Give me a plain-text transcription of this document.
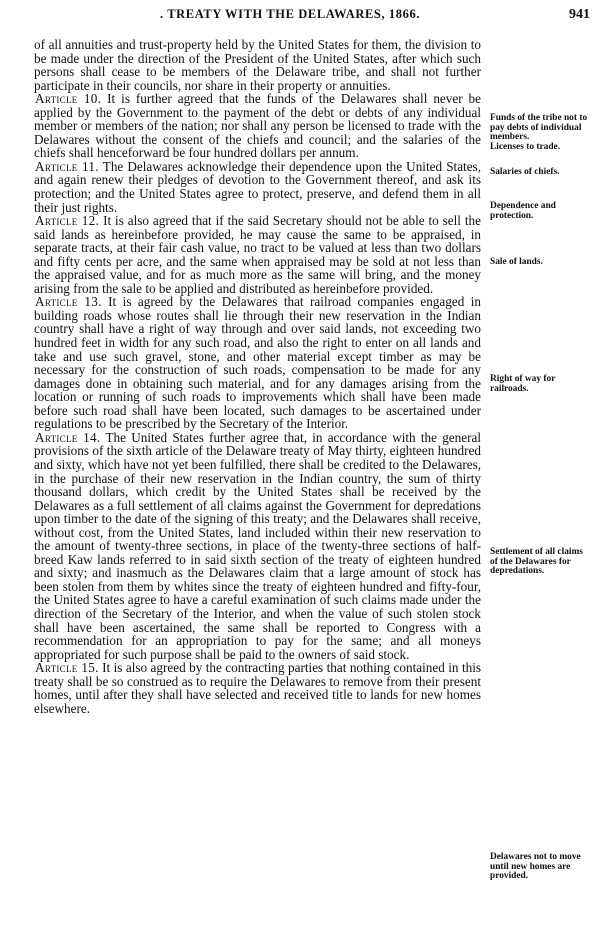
. TREATY WITH THE DELAWARES, 1866.	941

of all annuities and trust-property held by the United States for them, the division to be made under the direction of the President of the United States, after which such persons shall cease to be members of the Delaware tribe, and shall not further participate in their councils, nor share in their property or annuities.

Article 10. It is further agreed that the funds of the Delawares shall never be applied by the Government to the payment of the debt or debts of any individual member or members of the nation; nor shall any person be licensed to trade with the Delawares without the consent of the chiefs and council; and the salaries of the chiefs shall henceforward be four hundred dollars per annum.

Article 11. The Delawares acknowledge their dependence upon the United States, and again renew their pledges of devotion to the Government thereof, and ask its protection; and the United States agree to protect, preserve, and defend them in all their just rights.

Article 12. It is also agreed that if the said Secretary should not be able to sell the said lands as hereinbefore provided, he may cause the same to be appraised, in separate tracts, at their fair cash value, no tract to be valued at less than two dollars and fifty cents per acre, and the same when appraised may be sold at not less than the appraised value, and for as much more as the same will bring, and the money arising from the sale to be applied and distributed as hereinbefore provided.

Article 13. It is agreed by the Delawares that railroad companies engaged in building roads whose routes shall lie through their new reservation in the Indian country shall have a right of way through and over said lands, not exceeding two hundred feet in width for any such road, and also the right to enter on all lands and take and use such gravel, stone, and other material except timber as may be necessary for the construction of such roads, compensation to be made for any damages done in obtaining such material, and for any damages arising from the location or running of such roads to improvements which shall have been made before such road shall have been located, such damages to be ascertained under regulations to be prescribed by the Secretary of the Interior.

Article 14. The United States further agree that, in accordance with the general provisions of the sixth article of the Delaware treaty of May thirty, eighteen hundred and sixty, which have not yet been fulfilled, there shall be credited to the Delawares, in the purchase of their new reservation in the Indian country, the sum of thirty thousand dollars, which credit by the United States shall be received by the Delawares as a full settlement of all claims against the Government for depredations upon timber to the date of the signing of this treaty; and the Delawares shall receive, without cost, from the United States, land included within their new reservation to the amount of twenty-three sections, in place of the twenty-three sections of half-breed Kaw lands referred to in said sixth section of the treaty of eighteen hundred and sixty; and inasmuch as the Delawares claim that a large amount of stock has been stolen from them by whites since the treaty of eighteen hundred and fifty-four, the United States agree to have a careful examination of such claims made under the direction of the Secretary of the Interior, and when the value of such stolen stock shall have been ascertained, the same shall be reported to Congress with a recommendation for an appropriation to pay for the same; and all moneys appropriated for such purpose shall be paid to the owners of said stock.

Article 15. It is also agreed by the contracting parties that nothing contained in this treaty shall be so construed as to require the Delawares to remove from their present homes, until after they shall have selected and received title to lands for new homes elsewhere.

Funds of the tribe not to pay debts of individual members.
Licenses to trade.
Salaries of chiefs.
Dependence and protection.
Sale of lands.
Right of way for railroads.
Settlement of all claims of the Delawares for depredations.
Delawares not to move until new homes are provided.
